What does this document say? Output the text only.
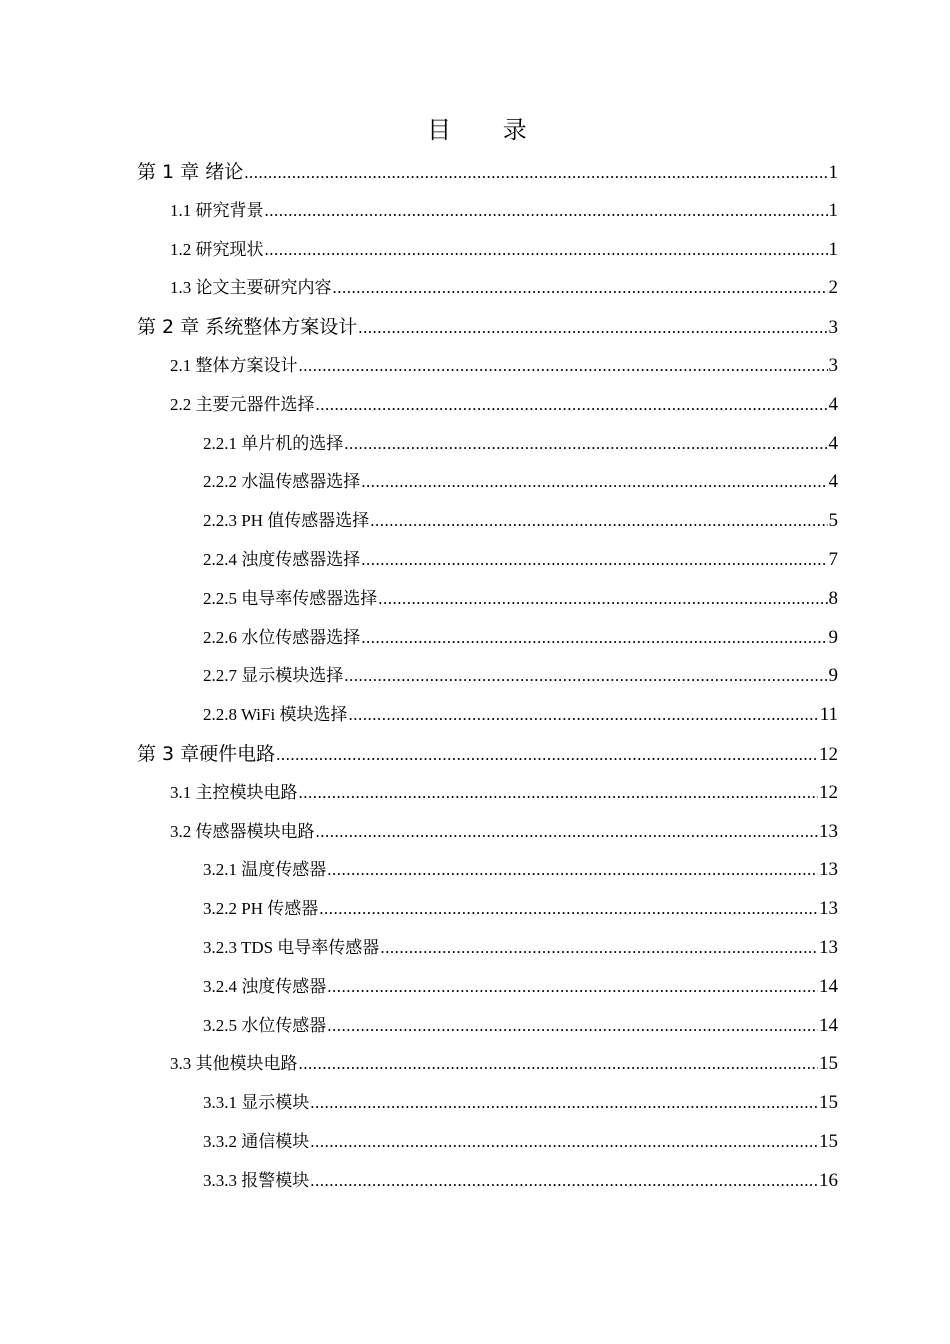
目 录
第 1 章 绪论 .....	1
1.1 研究背景 .....	1
1.2 研究现状 .....	1
1.3 论文主要研究内容 .....	2
第 2 章 系统整体方案设计 .....	3
2.1 整体方案设计 .....	3
2.2 主要元器件选择 .....	4
2.2.1 单片机的选择 .....	4
2.2.2 水温传感器选择 .....	4
2.2.3 PH 值传感器选择 .....	5
2.2.4 浊度传感器选择 .....	7
2.2.5 电导率传感器选择 .....	8
2.2.6 水位传感器选择 .....	9
2.2.7 显示模块选择 .....	9
2.2.8 WiFi 模块选择 .....	11
第 3 章硬件电路 .....	12
3.1 主控模块电路 .....	12
3.2 传感器模块电路 .....	13
3.2.1 温度传感器 .....	13
3.2.2 PH 传感器 .....	13
3.2.3 TDS 电导率传感器 .....	13
3.2.4 浊度传感器 .....	14
3.2.5 水位传感器 .....	14
3.3 其他模块电路 .....	15
3.3.1 显示模块 .....	15
3.3.2 通信模块 .....	15
3.3.3 报警模块 .....	16
